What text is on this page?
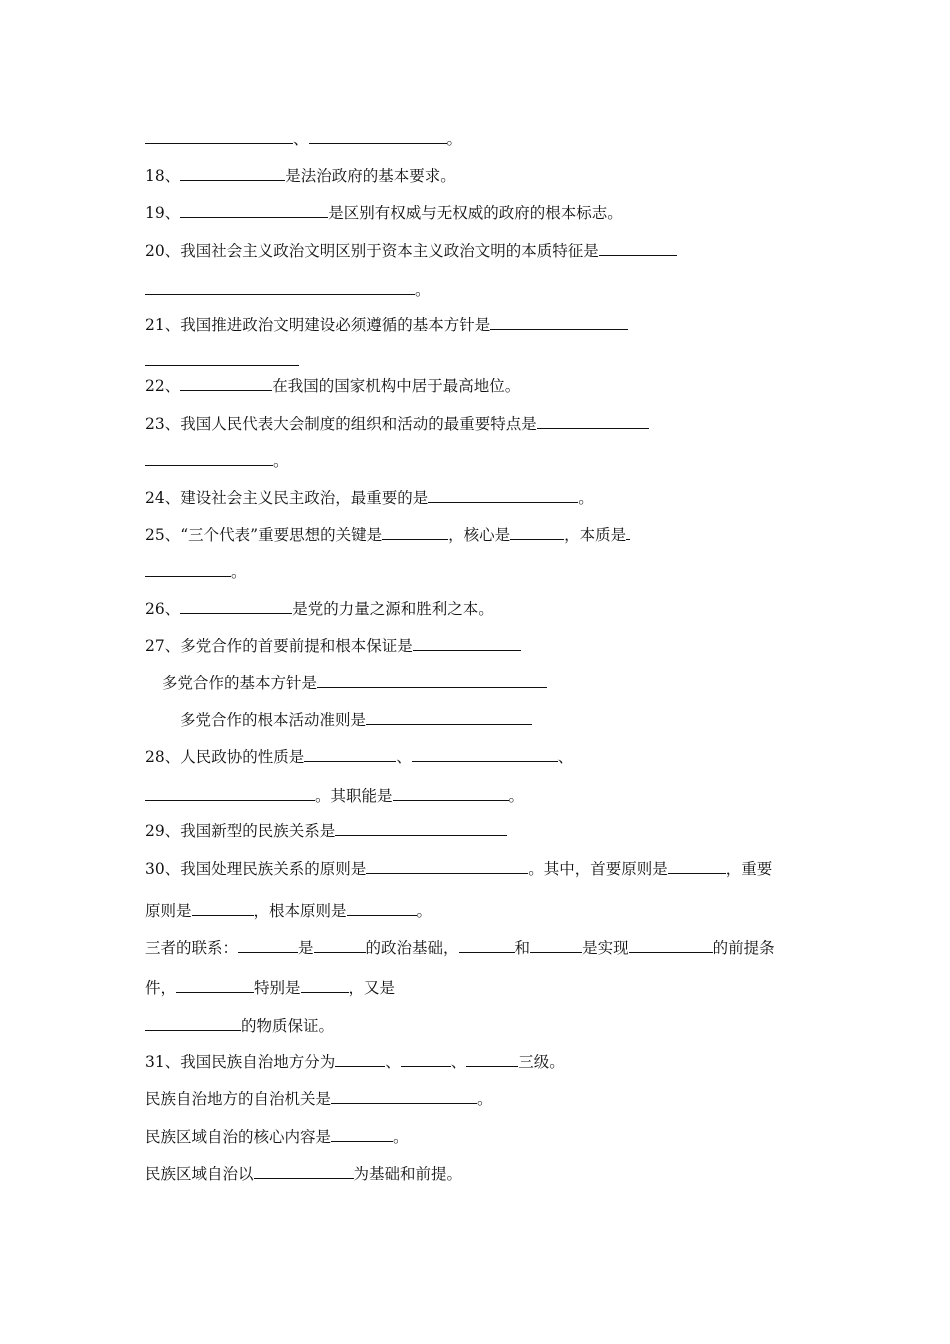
、	。
18、	是法治政府的基本要求。
19、	是区别有权威与无权威的政府的根本标志。
20、我国社会主义政治文明区别于资本主义政治文明的本质特征是
。
21、我国推进政治文明建设必须遵循的基本方针是
22、	在我国的国家机构中居于最高地位。
23、我国人民代表大会制度的组织和活动的最重要特点是
。
24、建设社会主义民主政治，最重要的是	。
25、“三个代表”重要思想的关键是	，核心是	，本质是
。
26、	是党的力量之源和胜利之本。
27、多党合作的首要前提和根本保证是
多党合作的基本方针是
多党合作的根本活动准则是
28、人民政协的性质是	、	、
。其职能是	。
29、我国新型的民族关系是
30、我国处理民族关系的原则是	。其中，首要原则是	，重要
原则是	，根本原则是	。
三者的联系：	是	的政治基础，	和	是实现	的前提条
件，	特别是	，又是
的物质保证。
31、我国民族自治地方分为	、	、	三级。
民族自治地方的自治机关是	。
民族区域自治的核心内容是	。
民族区域自治以	为基础和前提。
